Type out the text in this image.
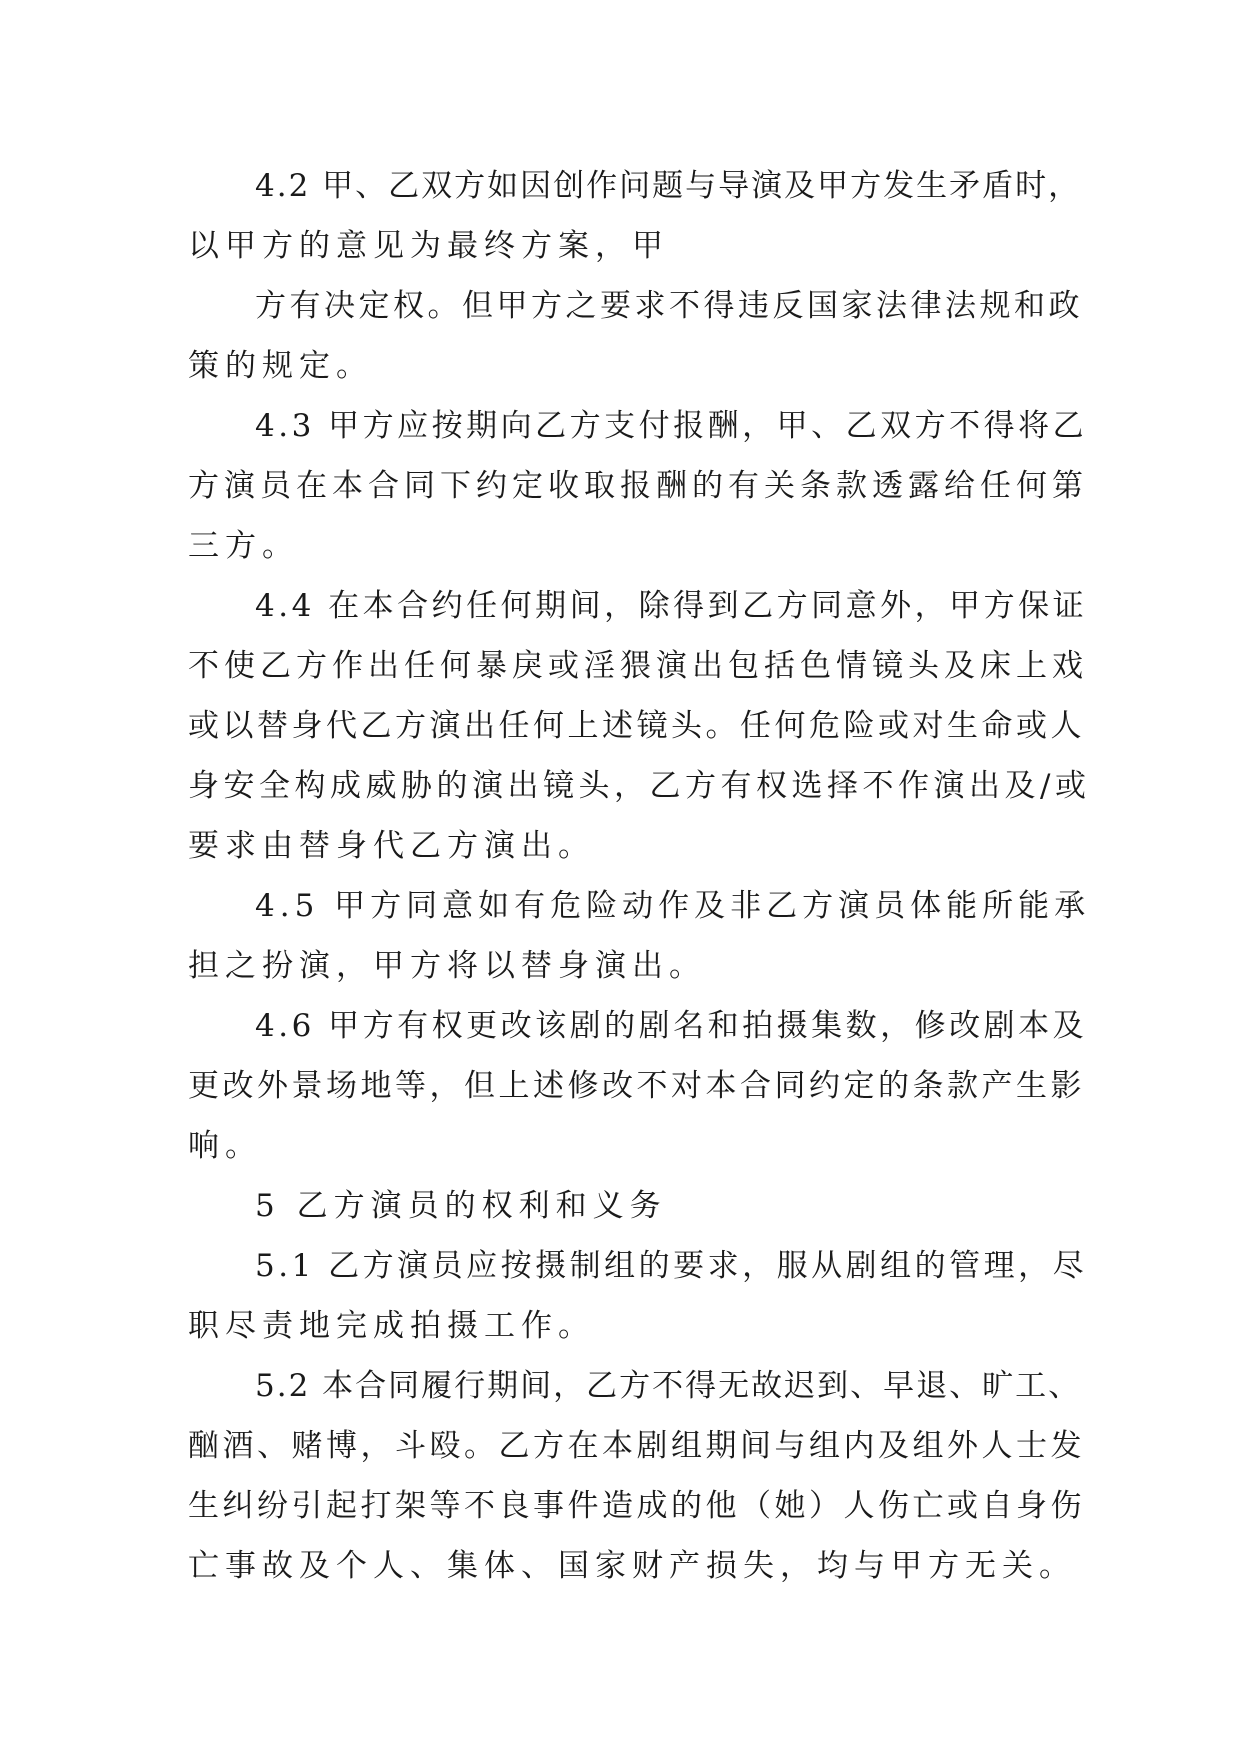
4.2 甲、乙双方如因创作问题与导演及甲方发生矛盾时，

以甲方的意见为最终方案，甲

方有决定权。但甲方之要求不得违反国家法律法规和政

策的规定。

4.3 甲方应按期向乙方支付报酬，甲、乙双方不得将乙

方演员在本合同下约定收取报酬的有关条款透露给任何第

三方。

4.4 在本合约任何期间，除得到乙方同意外，甲方保证

不使乙方作出任何暴戾或淫猥演出包括色情镜头及床上戏

或以替身代乙方演出任何上述镜头。任何危险或对生命或人

身安全构成威胁的演出镜头，乙方有权选择不作演出及/或

要求由替身代乙方演出。

4.5 甲方同意如有危险动作及非乙方演员体能所能承

担之扮演，甲方将以替身演出。

4.6 甲方有权更改该剧的剧名和拍摄集数，修改剧本及

更改外景场地等，但上述修改不对本合同约定的条款产生影

响。

5 乙方演员的权利和义务

5.1 乙方演员应按摄制组的要求，服从剧组的管理，尽

职尽责地完成拍摄工作。

5.2 本合同履行期间，乙方不得无故迟到、早退、旷工、

酗酒、赌博，斗殴。乙方在本剧组期间与组内及组外人士发

生纠纷引起打架等不良事件造成的他（她）人伤亡或自身伤

亡事故及个人、集体、国家财产损失，均与甲方无关。
